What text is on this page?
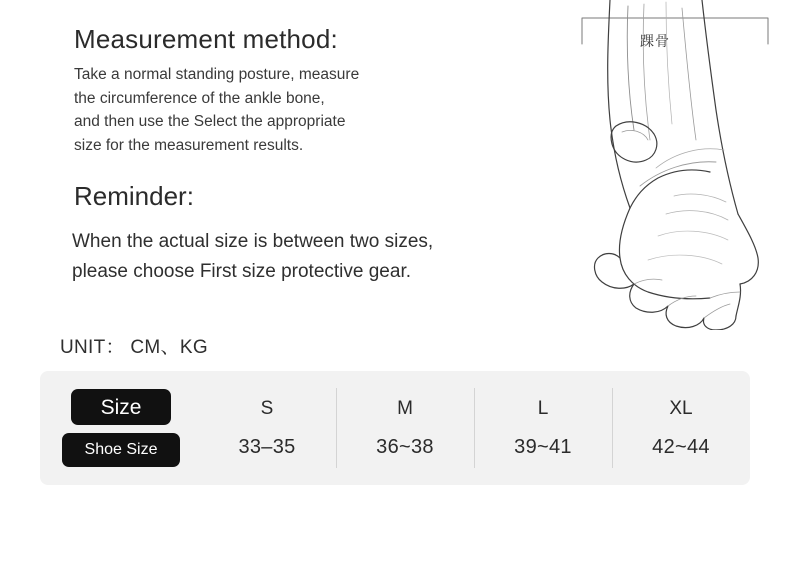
踝骨
Measurement method:
Take a normal standing posture, measure
the circumference of the ankle bone,
and then use the Select the appropriate
size for the measurement results.
Reminder:
When the actual size is between two sizes,
please choose First size protective gear.
UNIT： CM、KG
Size
Shoe Size
S
33–35
M
36~38
L
39~41
XL
42~44
